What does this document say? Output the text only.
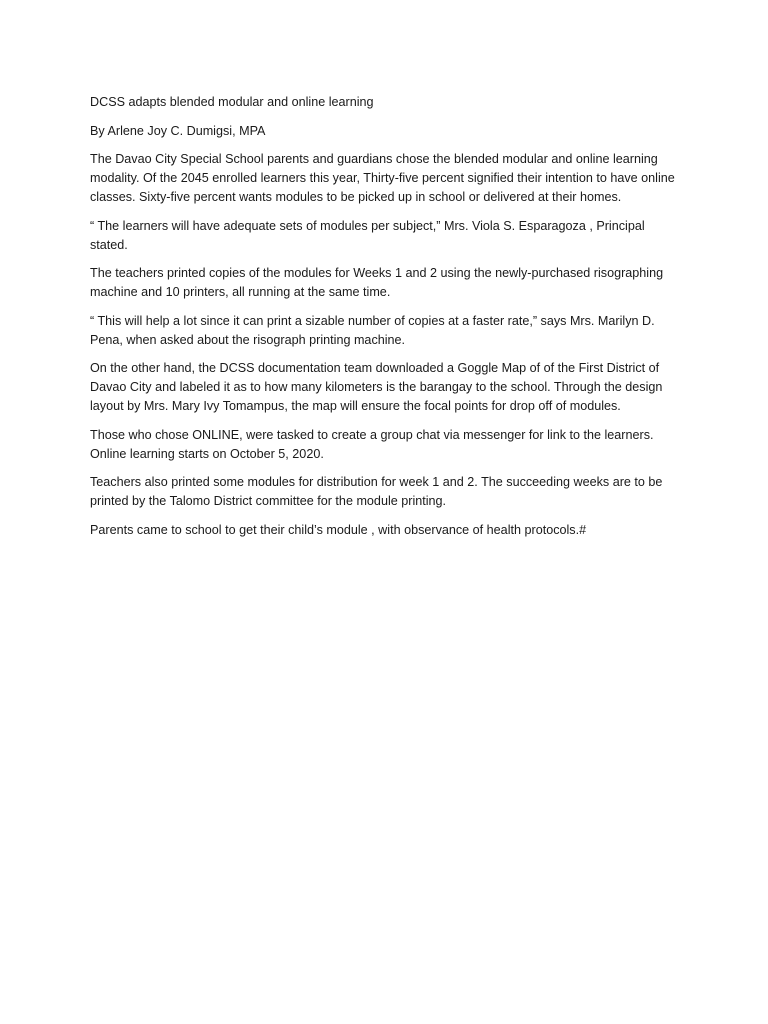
DCSS adapts blended modular and online learning

By Arlene Joy C. Dumigsi, MPA

The Davao City Special School parents and guardians chose the blended modular and online learning modality. Of the 2045 enrolled learners this year, Thirty-five percent signified their intention to have online classes. Sixty-five percent wants modules to be picked up in school or delivered at their homes.

“ The learners will have adequate sets of modules per subject,” Mrs. Viola S. Esparagoza , Principal stated.

The teachers printed copies of the modules for Weeks 1 and 2 using the newly-purchased risographing machine and 10 printers, all running at the same time.

“ This will help a lot since it can print a sizable number of copies at a faster rate,” says Mrs. Marilyn D. Pena, when asked about the risograph printing machine.

On the other hand, the DCSS documentation team downloaded a Goggle Map of of the First District of Davao City and labeled it as to how many kilometers is the barangay to the school. Through the design layout by Mrs. Mary Ivy Tomampus, the map will ensure the focal points for drop off of modules.

Those who chose ONLINE, were tasked to create a group chat via messenger for link to the learners. Online learning starts on October 5, 2020.

Teachers also printed some modules for distribution for week 1 and 2. The succeeding weeks are to be printed by the Talomo District committee for the module printing.

Parents came to school to get their child’s module , with observance of health protocols.#
